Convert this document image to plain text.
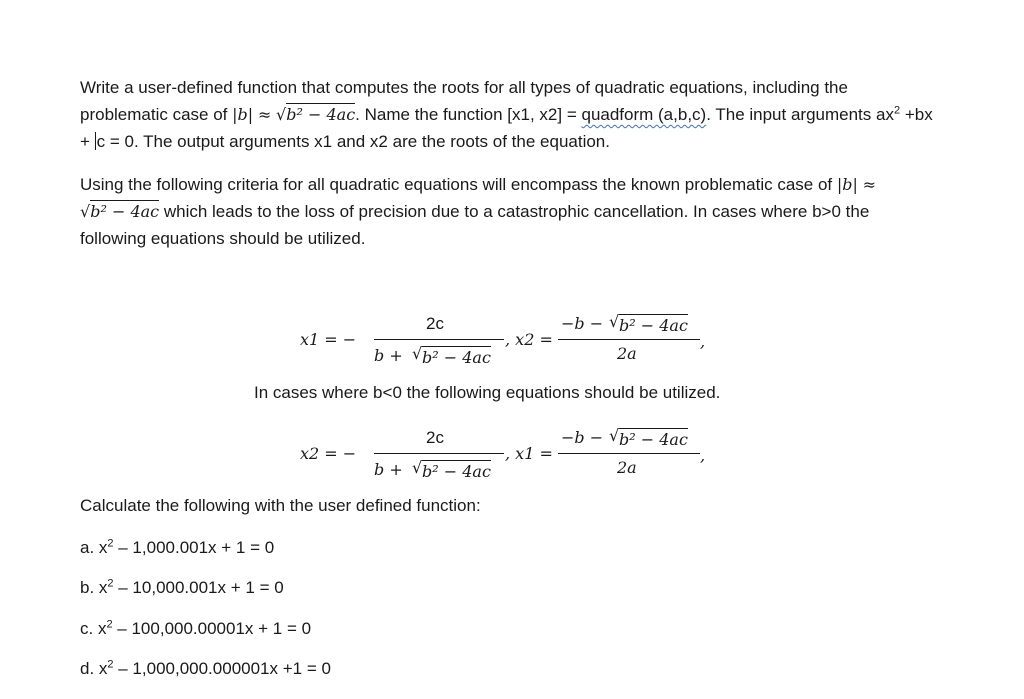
Write a user-defined function that computes the roots for all types of quadratic equations, including the problematic case of |b| ≈ √b² − 4ac. Name the function [x1, x2] = quadform (a,b,c). The input arguments $ax^2 +bx + c = 0$. The output arguments x1 and x2 are the roots of the equation.

Using the following criteria for all quadratic equations will encompass the known problematic case of |b| ≈ √b² − 4ac which leads to the loss of precision due to a catastrophic cancellation. In cases where b>0 the following equations should be utilized.

x1 = −
2c
b + √ b² − 4ac
, x2 =
−b − √ b² − 4ac
2a
,

In cases where b<0 the following equations should be utilized.

x2 = −
2c
b + √ b² − 4ac
, x1 =
−b − √ b² − 4ac
2a
,

Calculate the following with the user defined function:

a. $x^2 - 1,000.001x + 1 = 0$

b. $x^2 - 10,000.001x + 1 = 0$

c. $x^2 - 100,000.00001x + 1 = 0$

d. $x^2 - 1,000,000.000001x +1 = 0$
